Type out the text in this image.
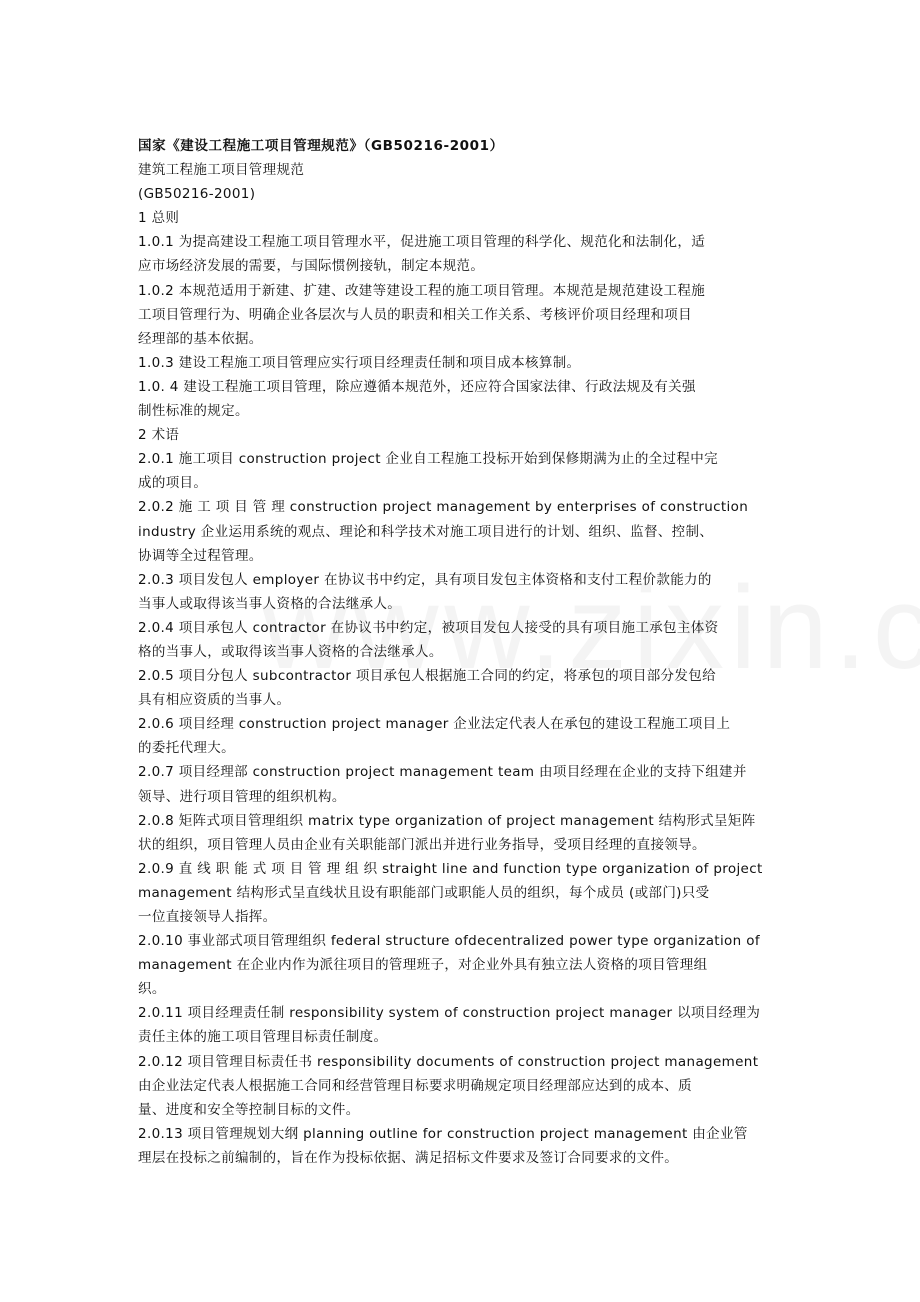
国家《建设工程施工项目管理规范》（GB50216-2001）
建筑工程施工项目管理规范
(GB50216-2001)
1 总则
1.0.1 为提高建设工程施工项目管理水平，促进施工项目管理的科学化、规范化和法制化，适
应市场经济发展的需要，与国际惯例接轨，制定本规范。
1.0.2 本规范适用于新建、扩建、改建等建设工程的施工项目管理。本规范是规范建设工程施
工项目管理行为、明确企业各层次与人员的职责和相关工作关系、考核评价项目经理和项目
经理部的基本依据。
1.0.3 建设工程施工项目管理应实行项目经理责任制和项目成本核算制。
1.0. 4 建设工程施工项目管理，除应遵循本规范外，还应符合国家法律、行政法规及有关强
制性标准的规定。
2 术语
2.0.1 施工项目 construction project 企业自工程施工投标开始到保修期满为止的全过程中完
成的项目。
2.0.2 施 工 项 目 管 理 construction project management by enterprises of construction
industry 企业运用系统的观点、理论和科学技术对施工项目进行的计划、组织、监督、控制、
协调等全过程管理。
2.0.3 项目发包人 employer 在协议书中约定，具有项目发包主体资格和支付工程价款能力的
当事人或取得该当事人资格的合法继承人。
2.0.4 项目承包人 contractor 在协议书中约定，被项目发包人接受的具有项目施工承包主体资
格的当事人，或取得该当事人资格的合法继承人。
2.0.5 项目分包人 subcontractor 项目承包人根据施工合同的约定，将承包的项目部分发包给
具有相应资质的当事人。
2.0.6 项目经理 construction project manager 企业法定代表人在承包的建设工程施工项目上
的委托代理大。
2.0.7 项目经理部 construction project management team 由项目经理在企业的支持下组建并
领导、进行项目管理的组织机构。
2.0.8 矩阵式项目管理组织 matrix type organization of project management 结构形式呈矩阵
状的组织，项目管理人员由企业有关职能部门派出并进行业务指导，受项目经理的直接领导。
2.0.9 直 线 职 能 式 项 目 管 理 组 织 straight line and function type organization of project
management 结构形式呈直线状且设有职能部门或职能人员的组织，每个成员 (或部门)只受
一位直接领导人指挥。
2.0.10 事业部式项目管理组织 federal structure ofdecentralized power type organization of
management 在企业内作为派往项目的管理班子，对企业外具有独立法人资格的项目管理组
织。
2.0.11 项目经理责任制 responsibility system of construction project manager 以项目经理为
责任主体的施工项目管理目标责任制度。
2.0.12 项目管理目标责任书 responsibility documents of construction project management
由企业法定代表人根据施工合同和经营管理目标要求明确规定项目经理部应达到的成本、质
量、进度和安全等控制目标的文件。
2.0.13 项目管理规划大纲 planning outline for construction project management 由企业管
理层在投标之前编制的，旨在作为投标依据、满足招标文件要求及签订合同要求的文件。
